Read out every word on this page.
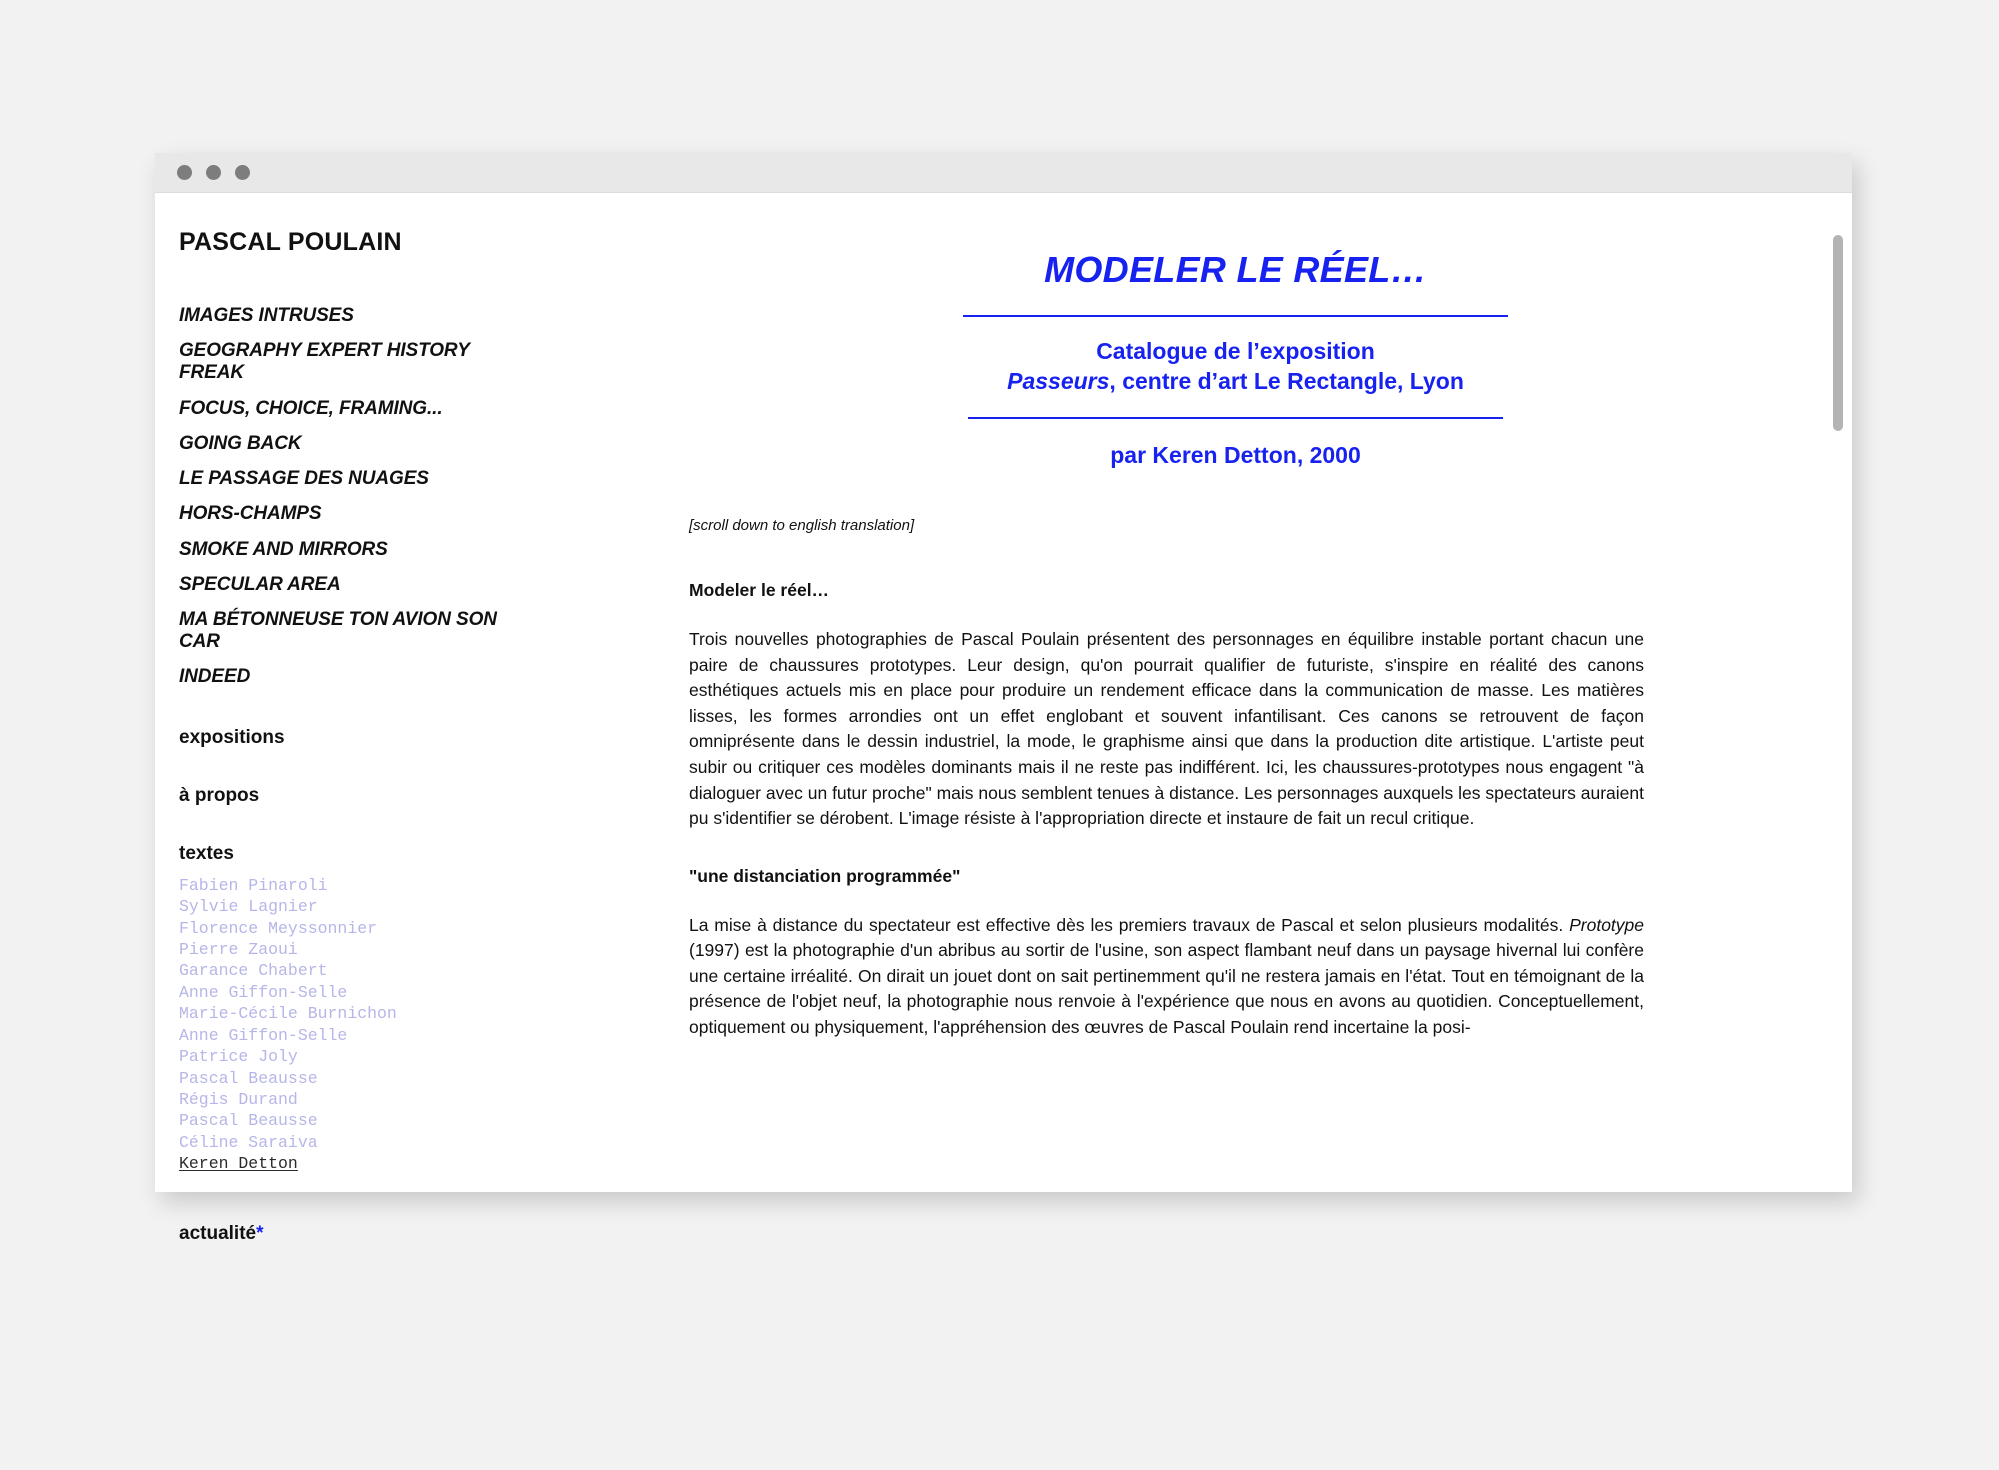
PASCAL POULAIN
IMAGES INTRUSES
GEOGRAPHY EXPERT HISTORY FREAK
FOCUS, CHOICE, FRAMING...
GOING BACK
LE PASSAGE DES NUAGES
HORS-CHAMPS
SMOKE AND MIRRORS
SPECULAR AREA
MA BÉTONNEUSE TON AVION SON CAR
INDEED
expositions
à propos
textes
Fabien Pinaroli
Sylvie Lagnier
Florence Meyssonnier
Pierre Zaoui
Garance Chabert
Anne Giffon-Selle
Marie-Cécile Burnichon
Anne Giffon-Selle
Patrice Joly
Pascal Beausse
Régis Durand
Pascal Beausse
Céline Saraiva
Keren Detton
actualité*
MODELER LE RÉEL…
Catalogue de l’exposition
Passeurs, centre d’art Le Rectangle, Lyon
par Keren Detton, 2000
[scroll down to english translation]
Modeler le réel…

Trois nouvelles photographies de Pascal Poulain présentent des personnages en équilibre instable portant chacun une paire de chaussures prototypes. Leur design, qu'on pourrait qualifier de futuriste, s'inspire en réalité des canons esthétiques actuels mis en place pour produire un rendement efficace dans la communication de masse. Les matières lisses, les formes arrondies ont un effet englobant et souvent infantilisant. Ces canons se retrouvent de façon omniprésente dans le dessin industriel, la mode, le graphisme ainsi que dans la production dite artistique. L'artiste peut subir ou critiquer ces modèles dominants mais il ne reste pas indifférent. Ici, les chaussures-prototypes nous engagent "à dialoguer avec un futur proche" mais nous semblent tenues à distance. Les personnages auxquels les spectateurs auraient pu s'identifier se dérobent. L'image résiste à l'appropriation directe et instaure de fait un recul critique.

"une distanciation programmée"

La mise à distance du spectateur est effective dès les premiers travaux de Pascal et selon plusieurs modalités. Prototype (1997) est la photographie d'un abribus au sortir de l'usine, son aspect flambant neuf dans un paysage hivernal lui confère une certaine irréalité. On dirait un jouet dont on sait pertinemment qu'il ne restera jamais en l'état. Tout en témoignant de la présence de l'objet neuf, la photographie nous renvoie à l'expérience que nous en avons au quotidien. Conceptuellement, optiquement ou physiquement, l'appréhension des œuvres de Pascal Poulain rend incertaine la posi-
